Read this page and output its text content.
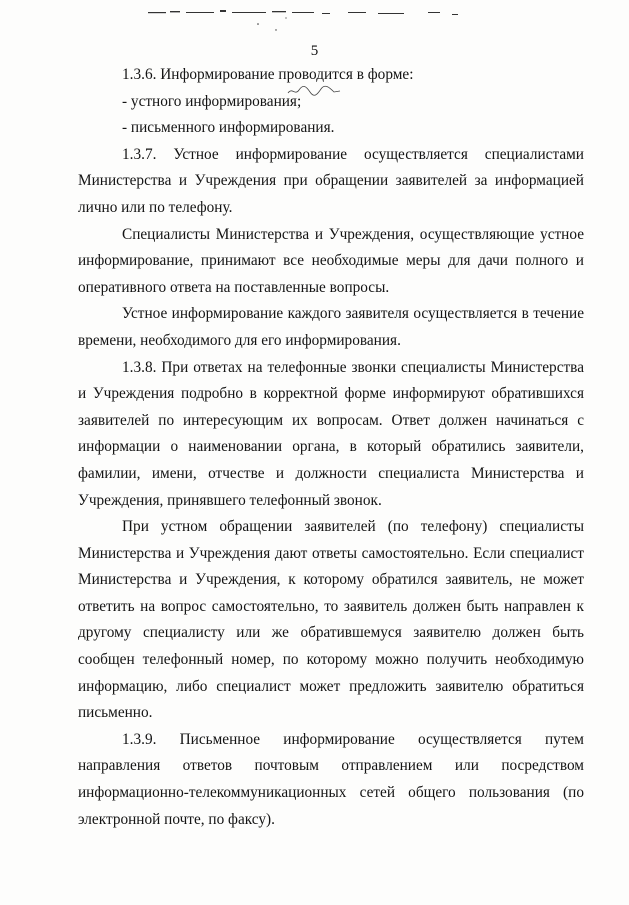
5

1.3.6. Информирование проводится в форме:

- устного информирования;

- письменного информирования.

1.3.7.    Устное    информирование    осуществляется    специалистами Министерства и Учреждения при обращении заявителей за информацией лично или по телефону.

Специалисты Министерства и Учреждения, осуществляющие устное информирование, принимают все необходимые меры для дачи полного и оперативного ответа на поставленные вопросы.

Устное информирование каждого заявителя осуществляется в течение времени, необходимого для его информирования.

1.3.8. При ответах на телефонные звонки специалисты Министерства и Учреждения подробно в корректной форме информируют обратившихся заявителей по интересующим их вопросам. Ответ должен начинаться с информации о наименовании органа, в который обратились заявители, фамилии, имени, отчестве и должности специалиста Министерства и Учреждения, принявшего телефонный звонок.

При устном обращении заявителей (по телефону) специалисты Министерства и Учреждения дают ответы самостоятельно. Если специалист Министерства и Учреждения, к которому обратился заявитель, не может ответить на вопрос самостоятельно, то заявитель должен быть направлен к другому специалисту или же обратившемуся заявителю должен быть сообщен телефонный номер, по которому можно получить необходимую информацию, либо специалист может предложить заявителю обратиться письменно.

1.3.9. Письменное информирование осуществляется путем направления ответов почтовым отправлением или посредством информационно-телекоммуникационных сетей общего пользования (по электронной почте, по факсу).
